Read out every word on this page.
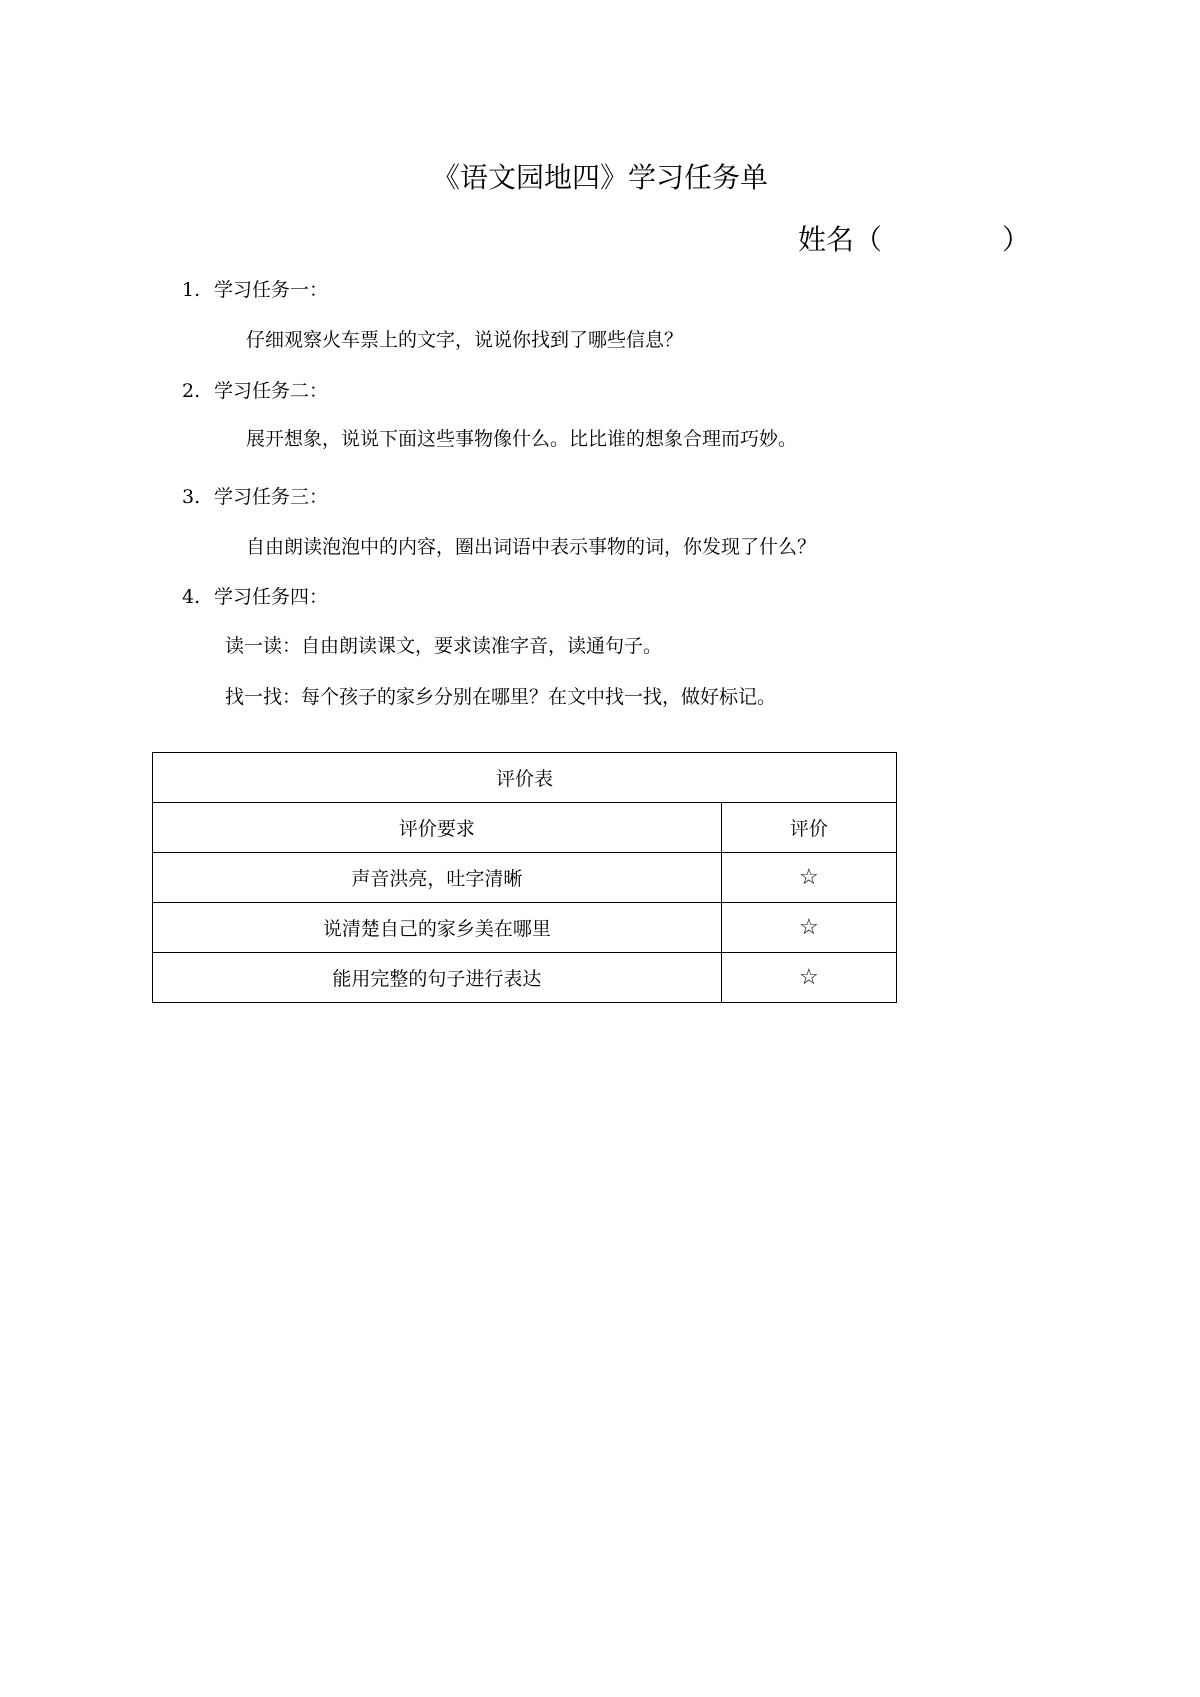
《语文园地四》学习任务单
姓名（	）
1. 学习任务一：
仔细观察火车票上的文字，说说你找到了哪些信息？
2. 学习任务二：
展开想象，说说下面这些事物像什么。比比谁的想象合理而巧妙。
3. 学习任务三：
自由朗读泡泡中的内容，圈出词语中表示事物的词，你发现了什么？
4. 学习任务四：
读一读：自由朗读课文，要求读准字音，读通句子。
找一找：每个孩子的家乡分别在哪里？在文中找一找，做好标记。
评价表	
评价要求	评价
声音洪亮，吐字清晰	☆
说清楚自己的家乡美在哪里	☆
能用完整的句子进行表达	☆
